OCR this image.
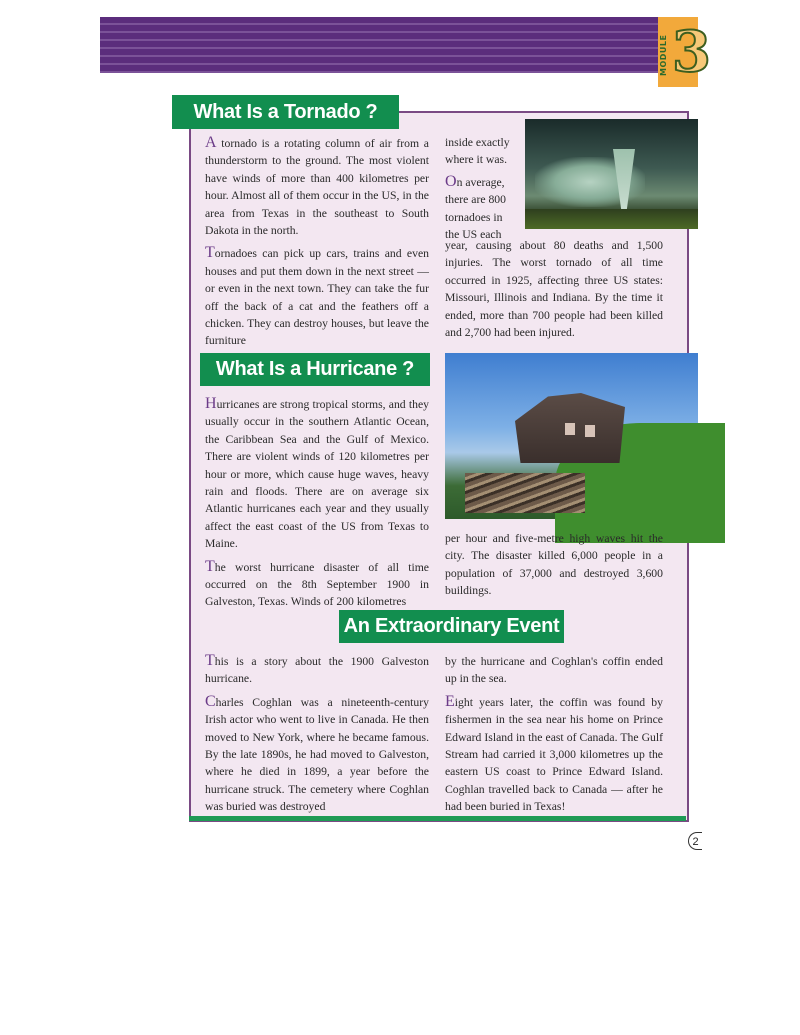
MODULE 3
What Is a Tornado ?

A tornado is a rotating column of air from a thunderstorm to the ground. The most violent have winds of more than 400 kilometres per hour. Almost all of them occur in the US, in the area from Texas in the southeast to South Dakota in the north.

Tornadoes can pick up cars, trains and even houses and put them down in the next street — or even in the next town. They can take the fur off the back of a cat and the feathers off a chicken. They can destroy houses, but leave the furniture

inside exactly where it was.

On average, there are 800 tornadoes in the US each

year, causing about 80 deaths and 1,500 injuries. The worst tornado of all time occurred in 1925, affecting three US states: Missouri, Illinois and Indiana. By the time it ended, more than 700 people had been killed and 2,700 had been injured.
What Is a Hurricane ?

Hurricanes are strong tropical storms, and they usually occur in the southern Atlantic Ocean, the Caribbean Sea and the Gulf of Mexico. There are violent winds of 120 kilometres per hour or more, which cause huge waves, heavy rain and floods. There are on average six Atlantic hurricanes each year and they usually affect the east coast of the US from Texas to Maine.

The worst hurricane disaster of all time occurred on the 8th September 1900 in Galveston, Texas. Winds of 200 kilometres

per hour and five-metre high waves hit the city. The disaster killed 6,000 people in a population of 37,000 and destroyed 3,600 buildings.
An Extraordinary Event

This is a story about the 1900 Galveston hurricane.

Charles Coghlan was a nineteenth-century Irish actor who went to live in Canada. He then moved to New York, where he became famous. By the late 1890s, he had moved to Galveston, where he died in 1899, a year before the hurricane struck. The cemetery where Coghlan was buried was destroyed

by the hurricane and Coghlan's coffin ended up in the sea.

Eight years later, the coffin was found by fishermen in the sea near his home on Prince Edward Island in the east of Canada. The Gulf Stream had carried it 3,000 kilometres up the eastern US coast to Prince Edward Island. Coghlan travelled back to Canada — after he had been buried in Texas!

2
